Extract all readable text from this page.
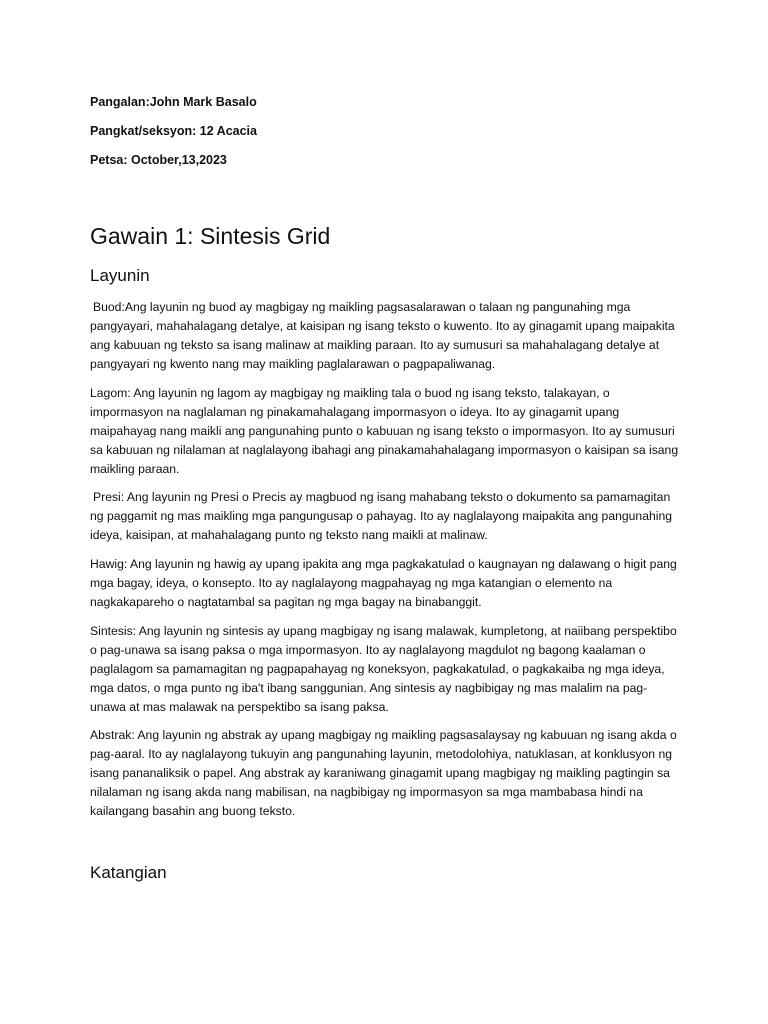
Pangalan:John Mark Basalo
Pangkat/seksyon: 12 Acacia
Petsa: October,13,2023
Gawain 1: Sintesis Grid
Layunin

Buod:Ang layunin ng buod ay magbigay ng maikling pagsasalarawan o talaan ng pangunahing mga pangyayari, mahahalagang detalye, at kaisipan ng isang teksto o kuwento. Ito ay ginagamit upang maipakita ang kabuuan ng teksto sa isang malinaw at maikling paraan. Ito ay sumusuri sa mahahalagang detalye at pangyayari ng kwento nang may maikling paglalarawan o pagpapaliwanag.

Lagom: Ang layunin ng lagom ay magbigay ng maikling tala o buod ng isang teksto, talakayan, o impormasyon na naglalaman ng pinakamahalagang impormasyon o ideya. Ito ay ginagamit upang maipahayag nang maikli ang pangunahing punto o kabuuan ng isang teksto o impormasyon. Ito ay sumusuri sa kabuuan ng nilalaman at naglalayong ibahagi ang pinakamahahalagang impormasyon o kaisipan sa isang maikling paraan.

Presi: Ang layunin ng Presi o Precis ay magbuod ng isang mahabang teksto o dokumento sa pamamagitan ng paggamit ng mas maikling mga pangungusap o pahayag. Ito ay naglalayong maipakita ang pangunahing ideya, kaisipan, at mahahalagang punto ng teksto nang maikli at malinaw.

Hawig: Ang layunin ng hawig ay upang ipakita ang mga pagkakatulad o kaugnayan ng dalawang o higit pang mga bagay, ideya, o konsepto. Ito ay naglalayong magpahayag ng mga katangian o elemento na nagkakapareho o nagtatambal sa pagitan ng mga bagay na binabanggit.

Sintesis: Ang layunin ng sintesis ay upang magbigay ng isang malawak, kumpletong, at naiibang perspektibo o pag-unawa sa isang paksa o mga impormasyon. Ito ay naglalayong magdulot ng bagong kaalaman o paglalagom sa pamamagitan ng pagpapahayag ng koneksyon, pagkakatulad, o pagkakaiba ng mga ideya, mga datos, o mga punto ng iba't ibang sanggunian. Ang sintesis ay nagbibigay ng mas malalim na pag-unawa at mas malawak na perspektibo sa isang paksa.

Abstrak: Ang layunin ng abstrak ay upang magbigay ng maikling pagsasalaysay ng kabuuan ng isang akda o pag-aaral. Ito ay naglalayong tukuyin ang pangunahing layunin, metodolohiya, natuklasan, at konklusyon ng isang pananaliksik o papel. Ang abstrak ay karaniwang ginagamit upang magbigay ng maikling pagtingin sa nilalaman ng isang akda nang mabilisan, na nagbibigay ng impormasyon sa mga mambabasa hindi na kailangang basahin ang buong teksto.

Katangian
